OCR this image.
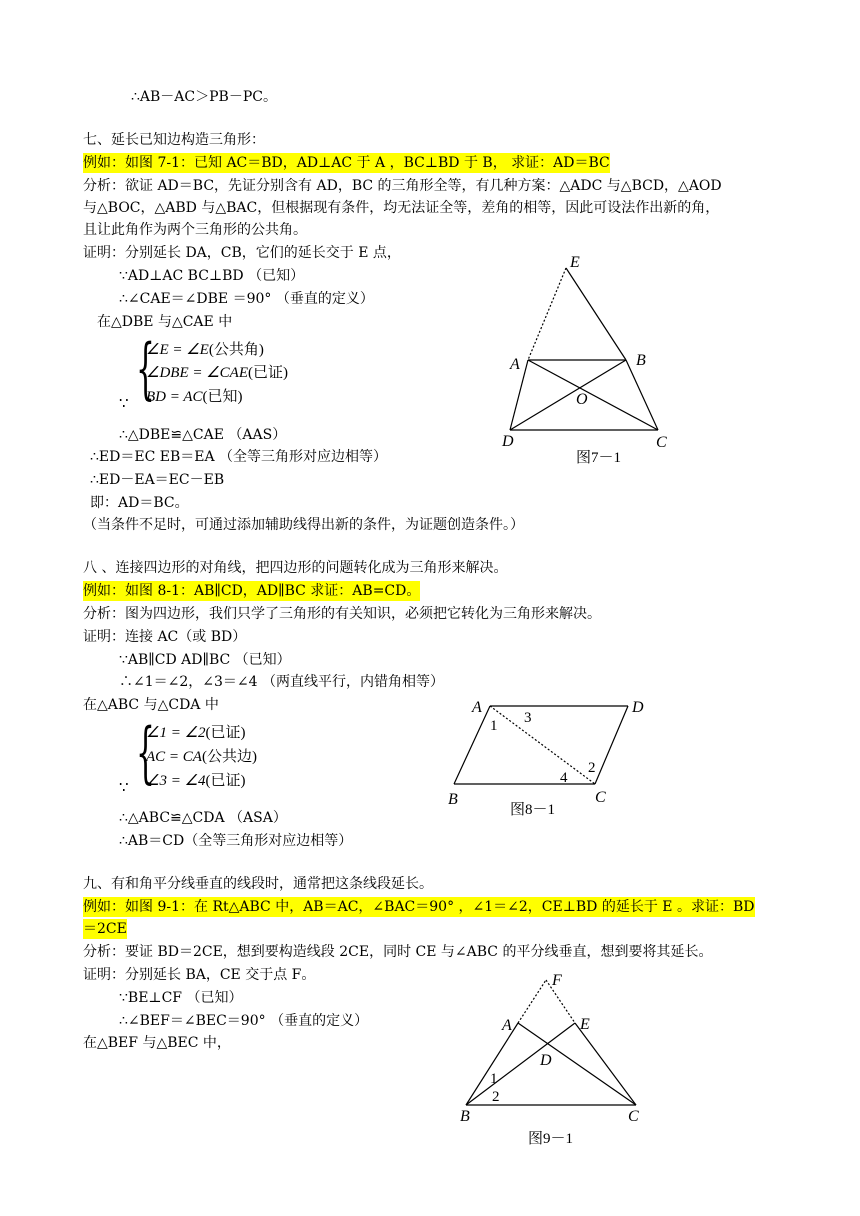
∴AB－AC＞PB－PC。
七、延长已知边构造三角形：
例如：如图 7-1：已知 AC＝BD，AD⊥AC 于 A ，BC⊥BD 于 B， 求证：AD＝BC
分析：欲证 AD＝BC，先证分别含有 AD，BC 的三角形全等，有几种方案：△ADC 与△BCD，△AOD
与△BOC，△ABD 与△BAC，但根据现有条件，均无法证全等，差角的相等，因此可设法作出新的角，
且让此角作为两个三角形的公共角。
证明：分别延长 DA，CB，它们的延长交于 E 点，
∵AD⊥AC BC⊥BD （已知）
∴∠CAE＝∠DBE ＝90° （垂直的定义）
在△DBE 与△CAE 中
{
∠E = ∠E(公共角)
∠DBE = ∠CAE(已证)
BD = AC(已知)
∵
∴△DBE≌△CAE （AAS）
∴ED＝EC EB＝EA （全等三角形对应边相等）
∴ED－EA＝EC－EB
即：AD＝BC。
（当条件不足时，可通过添加辅助线得出新的条件，为证题创造条件。）
E
A	B
O
D	C
图7－1
八 、连接四边形的对角线，把四边形的问题转化成为三角形来解决。
例如：如图 8-1：AB∥CD，AD∥BC 求证：AB=CD。
分析：图为四边形，我们只学了三角形的有关知识，必须把它转化为三角形来解决。
证明：连接 AC（或 BD）
∵AB∥CD AD∥BC （已知）
∴∠1＝∠2，∠3＝∠4 （两直线平行，内错角相等）
在△ABC 与△CDA 中
{
∠1 = ∠2(已证)
AC = CA(公共边)
∠3 = ∠4(已证)
∵
∴△ABC≌△CDA （ASA）
∴AB＝CD（全等三角形对应边相等）
A	D
B	C
1 3
2
4
图8－1
九、有和角平分线垂直的线段时，通常把这条线段延长。
例如：如图 9-1：在 Rt△ABC 中，AB＝AC，∠BAC＝90° ，∠1＝∠2，CE⊥BD 的延长于 E 。求证：BD
＝2CE
分析：要证 BD＝2CE，想到要构造线段 2CE，同时 CE 与∠ABC 的平分线垂直，想到要将其延长。
证明：分别延长 BA，CE 交于点 F。
∵BE⊥CF （已知）
∴∠BEF＝∠BEC＝90° （垂直的定义）
在△BEF 与△BEC 中，
F
A	E
D
B	C
1
2
图9－1
